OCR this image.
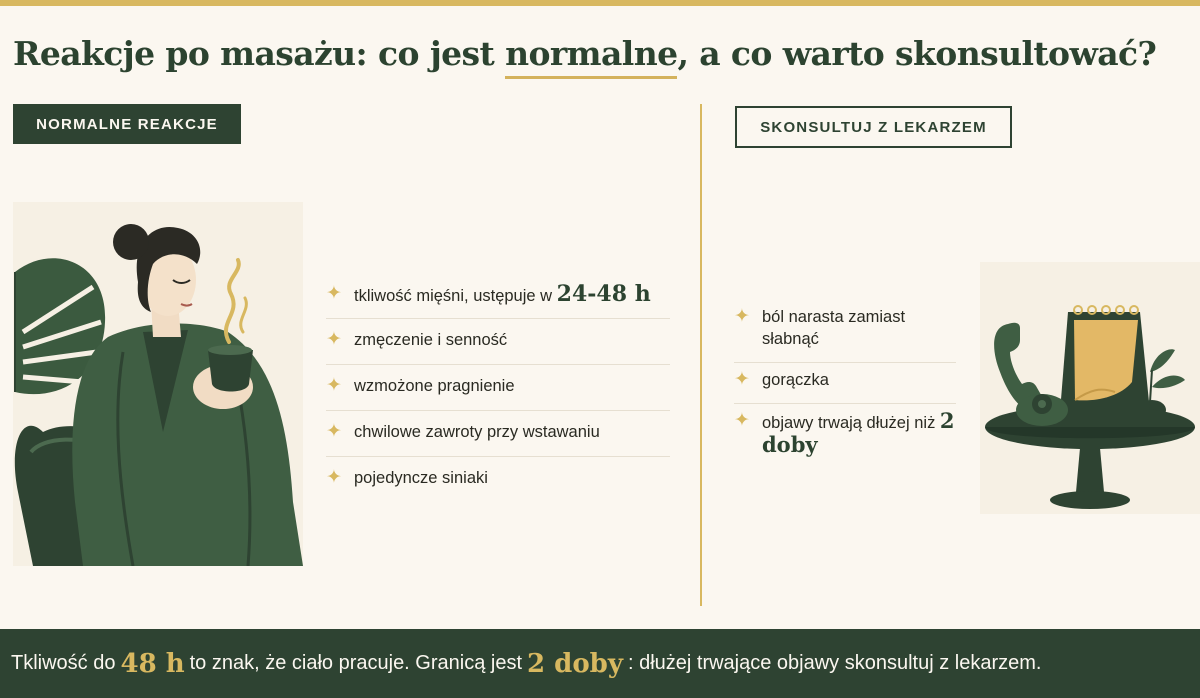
Reakcje po masażu: co jest normalne, a co warto skonsultować?
NORMALNE REAKCJE	SKONSULTUJ Z LEKARZEM
✦ tkliwość mięśni, ustępuje w 24-48 h
✦ zmęczenie i senność
✦ wzmożone pragnienie
✦ chwilowe zawroty przy wstawaniu
✦ pojedyncze siniaki
✦ ból narasta zamiast słabnąć
✦ gorączka
✦ objawy trwają dłużej niż 2 doby
Tkliwość do 48 h to znak, że ciało pracuje. Granicą jest 2 doby : dłużej trwające objawy skonsultuj z lekarzem.
